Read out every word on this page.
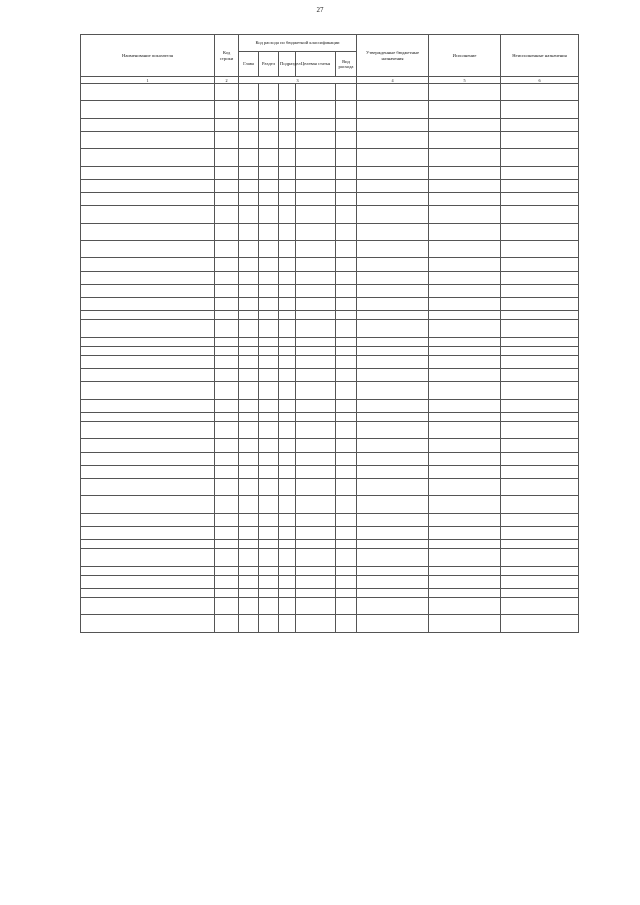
27
Наименование показателя	Код строки	Код расхода по бюджетной классификации					Утвержденные бюджетные назначения	Исполнение	Неисполненные назначения
		Глава	Раздел	Подраздел	Целевая статья	Вид расхода			
1	2	3					4	5	6
